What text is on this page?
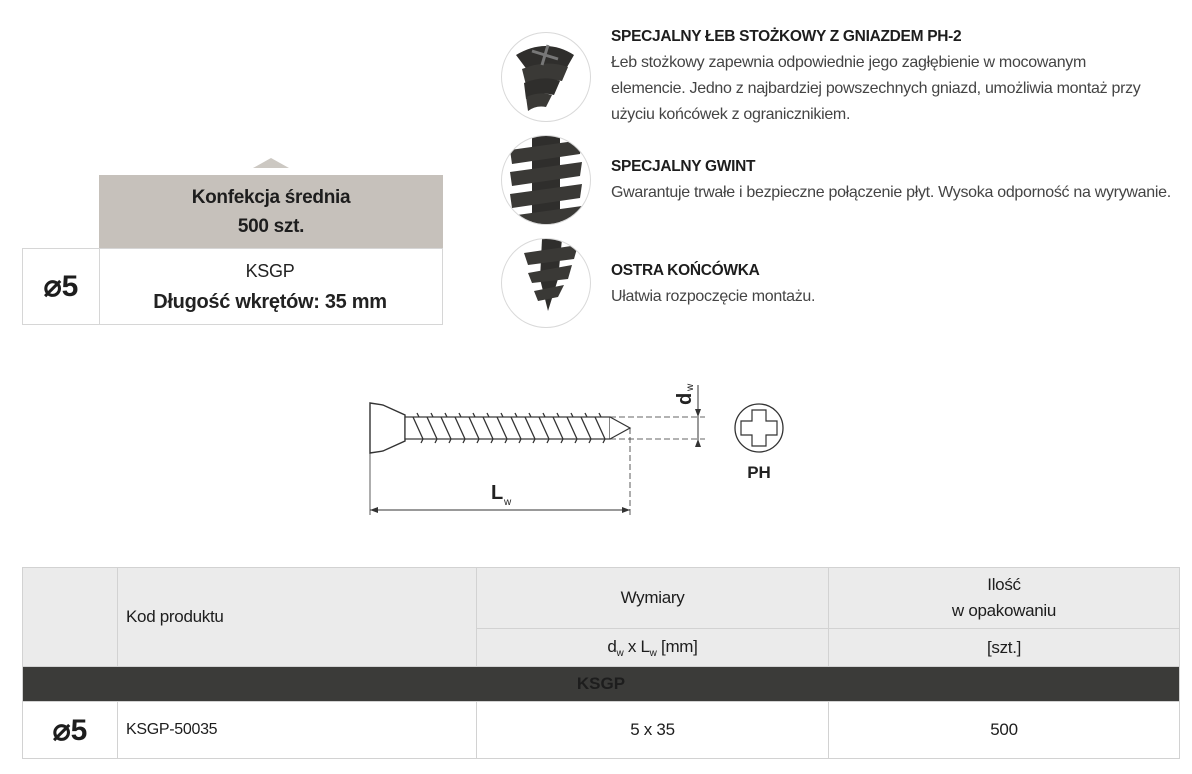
Konfekcja średnia
500 szt.
⌀5	KSGP
Długość wkrętów: 35 mm
SPECJALNY ŁEB STOŻKOWY Z GNIAZDEM PH-2
Łeb stożkowy zapewnia odpowiednie jego zagłębienie w mocowanym
elemencie. Jedno z najbardziej powszechnych gniazd, umożliwia montaż przy
użyciu końcówek z ogranicznikiem.
SPECJALNY GWINT
Gwarantuje trwałe i bezpieczne połączenie płyt. Wysoka odporność na wyrywanie.
OSTRA KOŃCÓWKA
Ułatwia rozpoczęcie montażu.
L w
d
w
PH
	Kod produktu	Wymiary	Ilość
w opakowaniu

		$d_w$ x $L_w$ [mm]	[szt.]
KSGP			
⌀5	KSGP-50035	5 x 35	500
